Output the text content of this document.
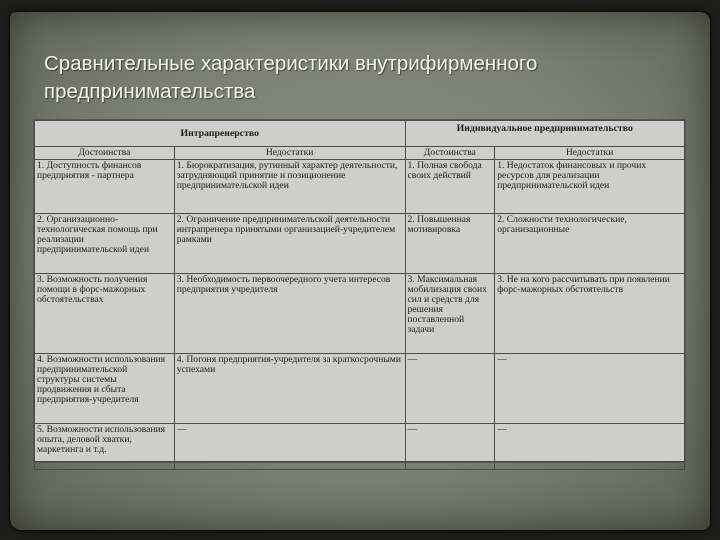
Сравнительные характеристики внутрифирменного предпринимательства
Интрапренерство		Индивидуальное предпринимательство	
Достоинства	Недостатки	Достоинства	Недостатки
1. Доступность финансов предприятия - партнера	1. Бюрократизация, рутинный характер деятельности, затрудняющий принятие и позиционение предпринимательской идеи	1. Полная свобода своих действий	1. Недостаток финансовых и прочих ресурсов для реализации предпринимательской идеи
2. Организационно-технологическая помощь при реализации предпринимательской идеи	2. Ограничение предпринимательской деятельности интрапренера принятыми организацией-учредителем рамками	2. Повышенная мотивировка	2. Сложности технологические, организационные
3. Возможность получения помощи в форс-мажорных обстоятельствах	3. Необходимость первоочередного учета интересов предприятия учредителя	3. Максимальная мобилизация своих сил и средств для решения поставленной задачи	3. Не на кого рассчитывать при появлении форс-мажорных обстоятельств
4. Возможности использования предпринимательской структуры системы продвижения и сбыта предприятия-учредителя	4. Погоня предприятия-учредителя за краткосрочными успехами	—	—
5. Возможности использования опыта, деловой хватки, маркетинга и т.д.	—	—	—
